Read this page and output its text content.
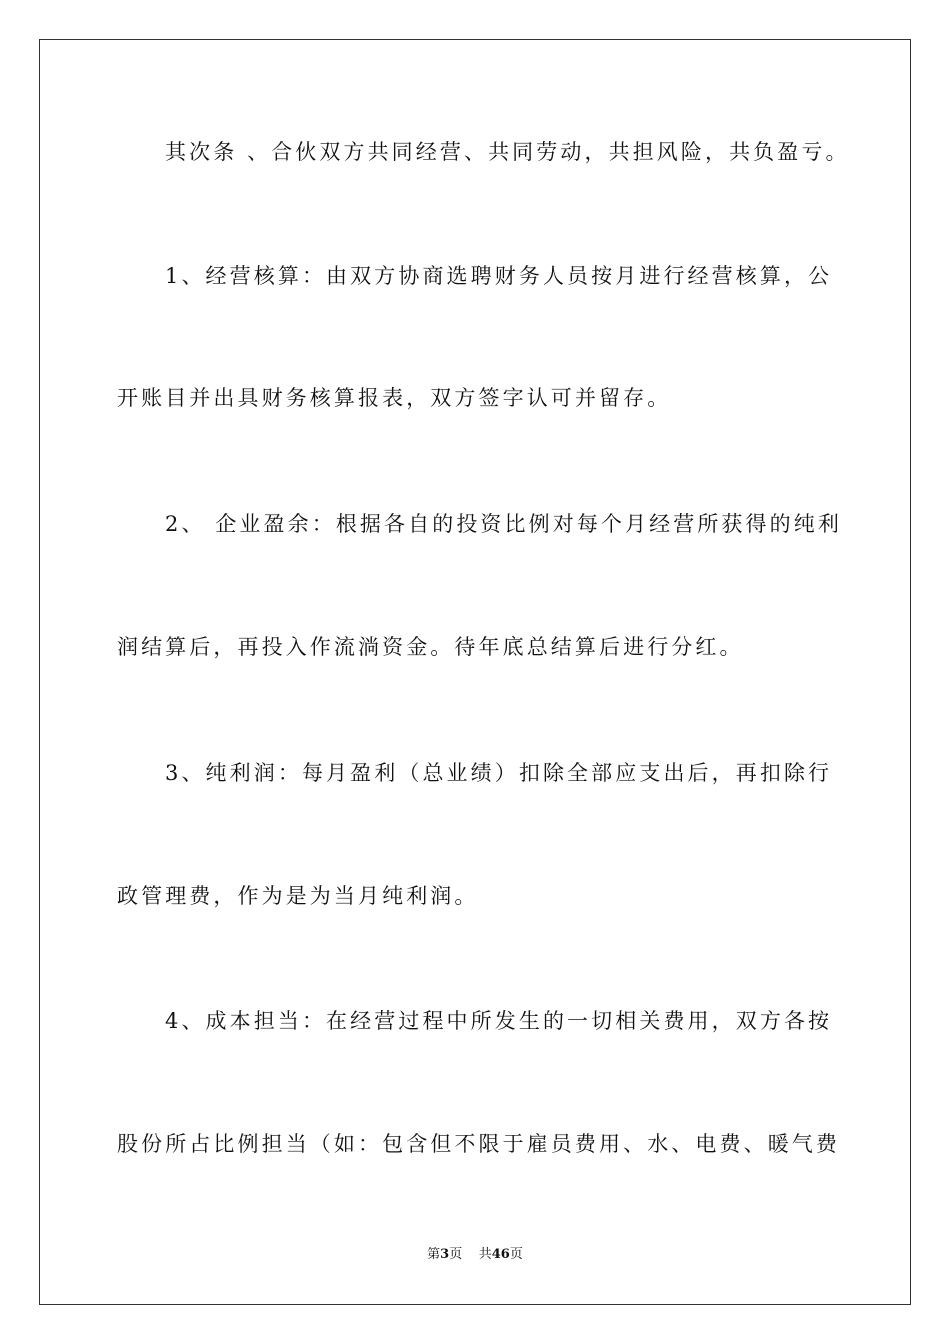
其次条 、合伙双方共同经营、共同劳动，共担风险，共负盈亏。
1、经营核算：由双方协商选聘财务人员按月进行经营核算，公
开账目并出具财务核算报表，双方签字认可并留存。
2、 企业盈余：根据各自的投资比例对每个月经营所获得的纯利
润结算后，再投入作流淌资金。待年底总结算后进行分红。
3、纯利润：每月盈利（总业绩）扣除全部应支出后，再扣除行
政管理费，作为是为当月纯利润。
4、成本担当：在经营过程中所发生的一切相关费用，双方各按
股份所占比例担当（如：包含但不限于雇员费用、水、电费、暖气费
第3页 共46页
